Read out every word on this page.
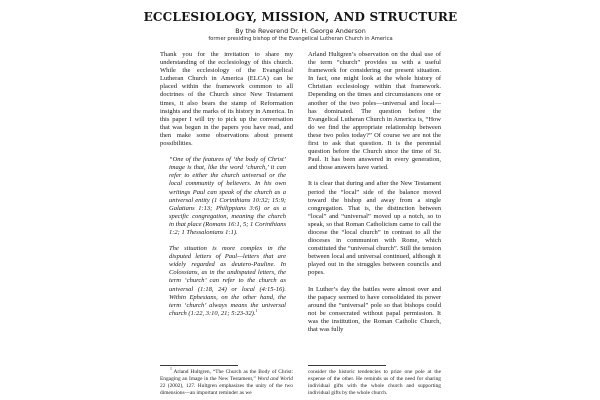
ECCLESIOLOGY, MISSION, AND STRUCTURE
By the Reverend Dr. H. George Anderson
former presiding bishop of the Evangelical Lutheran Church in America

Thank you for the invitation to share my understanding of the ecclesiology of this church. While the ecclesiology of the Evangelical Lutheran Church in America (ELCA) can be placed within the framework common to all doctrines of the Church since New Testament times, it also bears the stamp of Reformation insights and the marks of its history in America. In this paper I will try to pick up the conversation that was begun in the papers you have read, and then make some observations about present possibilities.

“One of the features of ‘the body of Christ’ image is that, like the word ‘church,’ it can refer to either the church universal or the local community of believers. In his own writings Paul can speak of the church as a universal entity (1 Corinthians 10:32; 15:9; Galatians 1:13; Philippians 3:6) or as a specific congregation, meaning the church in that place (Romans 16:1, 5; 1 Corinthians 1:2; 1 Thessalonians 1:1).
The situation is more complex in the disputed letters of Paul—letters that are widely regarded as deutero-Pauline. In Colossians, as in the undisputed letters, the term ‘church’ can refer to the church as universal (1:18, 24) or local (4:15-16). Within Ephesians, on the other hand, the term ‘church’ always means the universal church (1:22, 3:10, 21; 5:23-32).$^1$
$^1$ Arland Hultgren, “The Church as the Body of Christ: Engaging an Image in the New Testament,” Word and World 22 (2002), 127. Hultgren emphasizes the unity of the two dimensions—an important reminder as we

Arland Hultgren’s observation on the dual use of the term “church” provides us with a useful framework for considering our present situation. In fact, one might look at the whole history of Christian ecclesiology within that framework. Depending on the times and circumstances one or another of the two poles—universal and local—has dominated. The question before the Evangelical Lutheran Church in America is, “How do we find the appropriate relationship between these two poles today?” Of course we are not the first to ask that question. It is the perennial question before the Church since the time of St. Paul. It has been answered in every generation, and those answers have varied.

It is clear that during and after the New Testament period the “local” side of the balance moved toward the bishop and away from a single congregation. That is, the distinction between “local” and “universal” moved up a notch, so to speak, so that Roman Catholicism came to call the diocese the “local church” in contrast to all the dioceses in communion with Rome, which constituted the “universal church”. Still the tension between local and universal continued, although it played out in the struggles between councils and popes.

In Luther’s day the battles were almost over and the papacy seemed to have consolidated its power around the “universal” pole so that bishops could not be consecrated without papal permission. It was the institution, the Roman Catholic Church, that was fully

consider the historic tendencies to prize one pole at the expense of the other. He reminds us of the need for sharing individual gifts with the whole church and supporting individual gifts by the whole church.
